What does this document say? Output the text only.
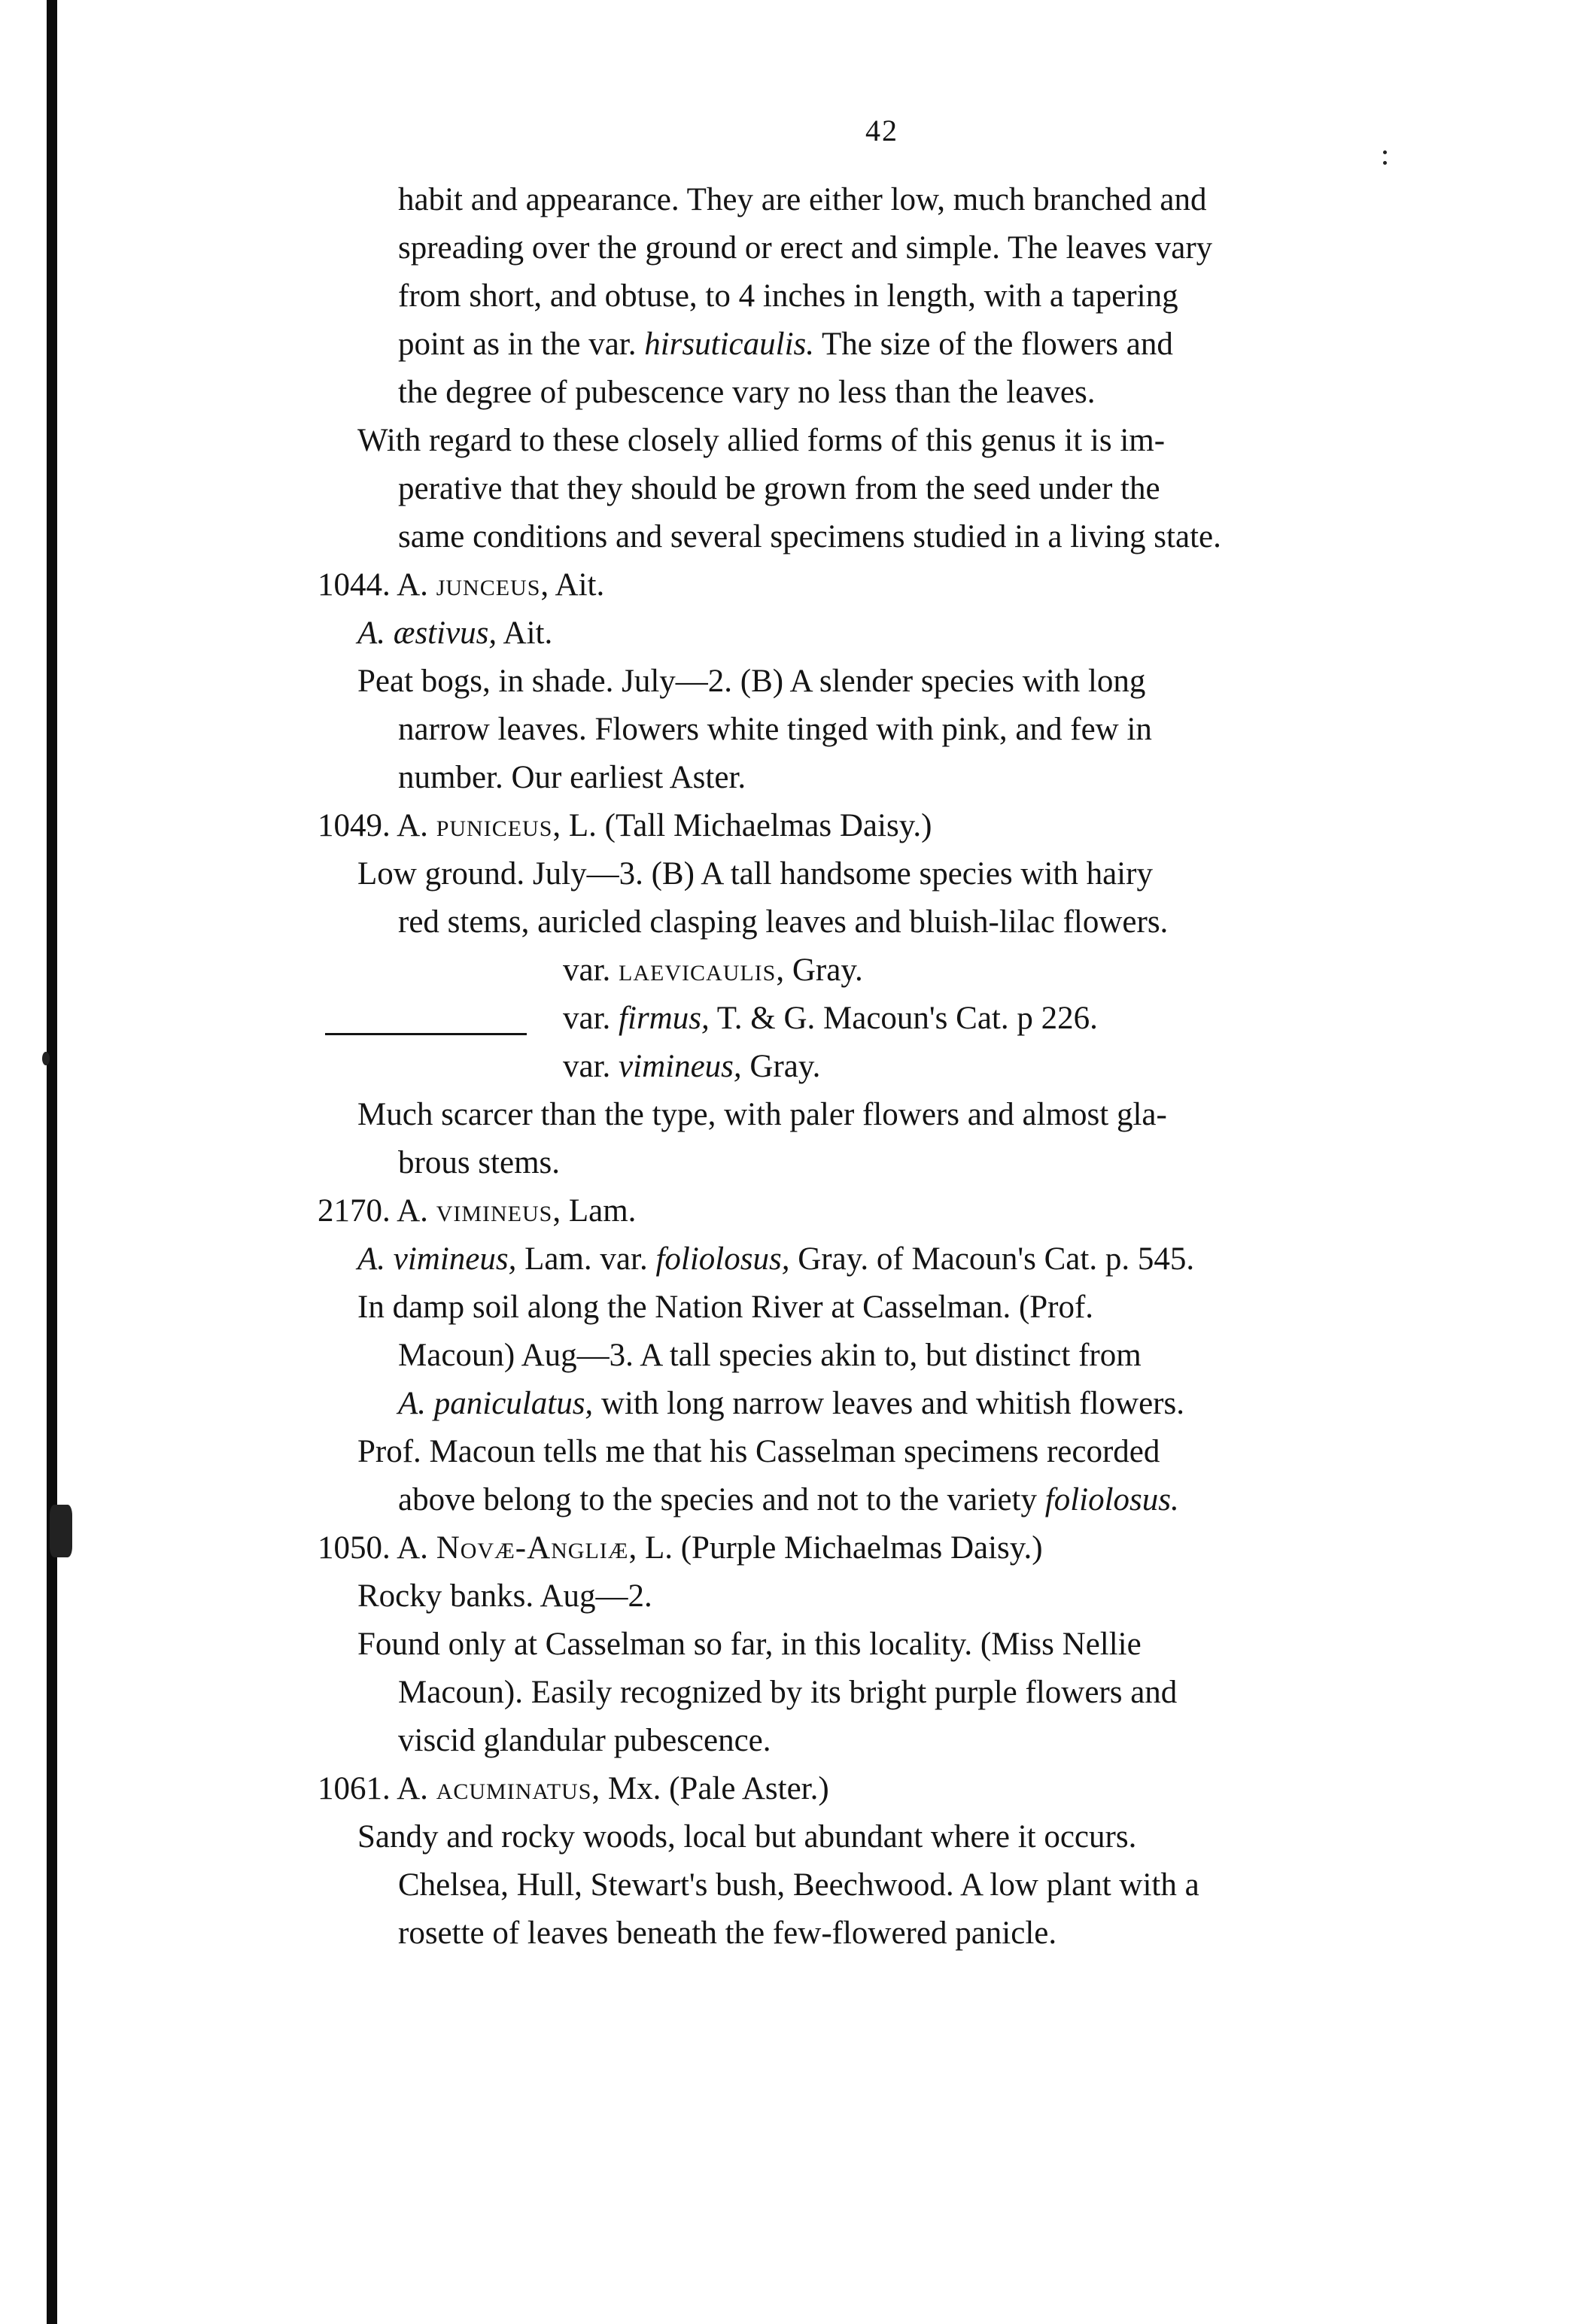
42
habit and appearance. They are either low, much branched and
spreading over the ground or erect and simple. The leaves vary
from short, and obtuse, to 4 inches in length, with a tapering
point as in the var. hirsuticaulis. The size of the flowers and
the degree of pubescence vary no less than the leaves.
With regard to these closely allied forms of this genus it is im-
perative that they should be grown from the seed under the
same conditions and several specimens studied in a living state.
1044. A. junceus, Ait.
A. æstivus, Ait.
Peat bogs, in shade. July—2. (B) A slender species with long
narrow leaves. Flowers white tinged with pink, and few in
number. Our earliest Aster.
1049. A. puniceus, L. (Tall Michaelmas Daisy.)
Low ground. July—3. (B) A tall handsome species with hairy
red stems, auricled clasping leaves and bluish-lilac flowers.
var. laevicaulis, Gray.
var. firmus, T. & G. Macoun's Cat. p 226.
var. vimineus, Gray.
Much scarcer than the type, with paler flowers and almost gla-
brous stems.
2170. A. vimineus, Lam.
A. vimineus, Lam. var. foliolosus, Gray. of Macoun's Cat. p. 545.
In damp soil along the Nation River at Casselman. (Prof.
Macoun) Aug—3. A tall species akin to, but distinct from
A. paniculatus, with long narrow leaves and whitish flowers.
Prof. Macoun tells me that his Casselman specimens recorded
above belong to the species and not to the variety foliolosus.
1050. A. Novæ-Angliæ, L. (Purple Michaelmas Daisy.)
Rocky banks. Aug—2.
Found only at Casselman so far, in this locality. (Miss Nellie
Macoun). Easily recognized by its bright purple flowers and
viscid glandular pubescence.
1061. A. acuminatus, Mx. (Pale Aster.)
Sandy and rocky woods, local but abundant where it occurs.
Chelsea, Hull, Stewart's bush, Beechwood. A low plant with a
rosette of leaves beneath the few-flowered panicle.
